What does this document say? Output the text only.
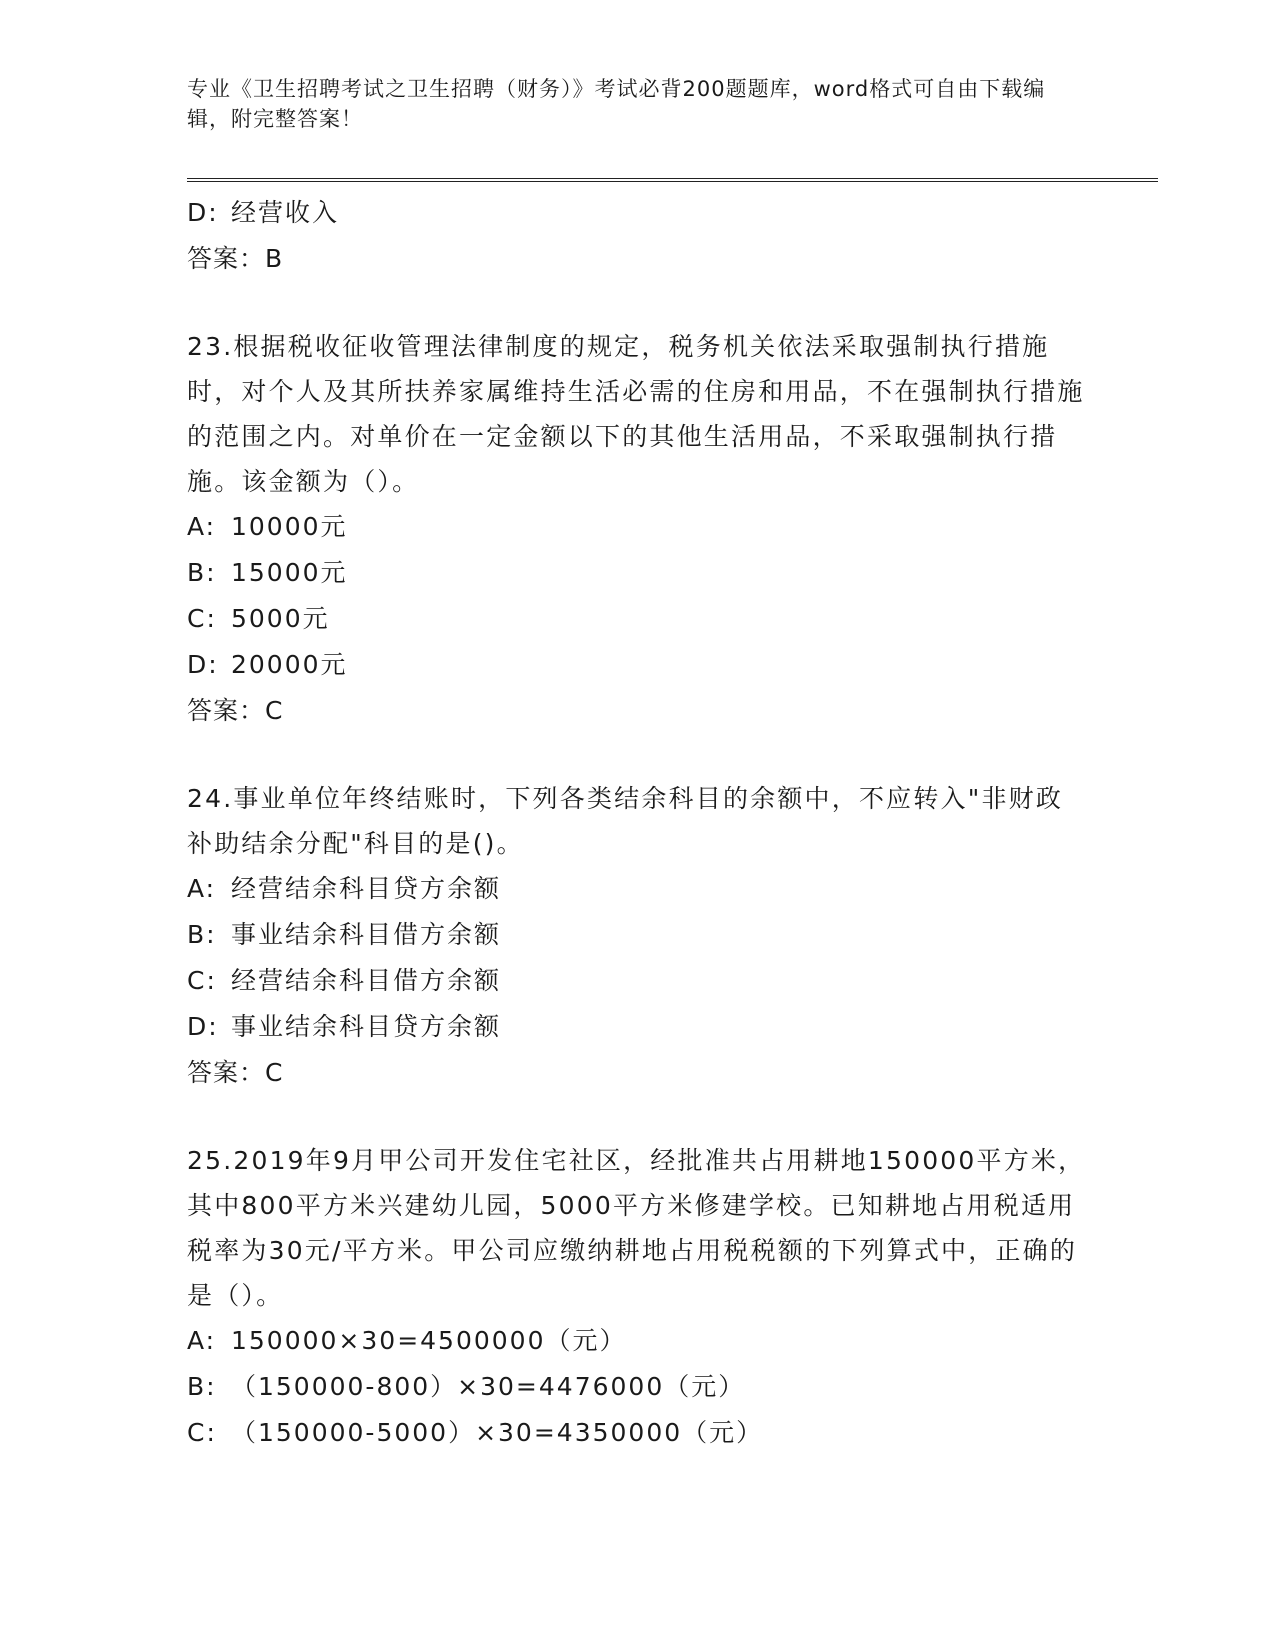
专业《卫生招聘考试之卫生招聘（财务）》考试必背200题题库，word格式可自由下载编辑，附完整答案！
D: 经营收入
答案：B
23.根据税收征收管理法律制度的规定，税务机关依法采取强制执行措施时，对个人及其所扶养家属维持生活必需的住房和用品，不在强制执行措施的范围之内。对单价在一定金额以下的其他生活用品，不采取强制执行措施。该金额为（）。
A: 10000元
B: 15000元
C: 5000元
D: 20000元
答案：C
24.事业单位年终结账时，下列各类结余科目的余额中，不应转入"非财政补助结余分配"科目的是()。
A: 经营结余科目贷方余额
B: 事业结余科目借方余额
C: 经营结余科目借方余额
D: 事业结余科目贷方余额
答案：C
25.2019年9月甲公司开发住宅社区，经批准共占用耕地150000平方米，其中800平方米兴建幼儿园，5000平方米修建学校。已知耕地占用税适用税率为30元/平方米。甲公司应缴纳耕地占用税税额的下列算式中，正确的是（）。
A: 150000×30=4500000（元）
B: （150000-800）×30=4476000（元）
C: （150000-5000）×30=4350000（元）
